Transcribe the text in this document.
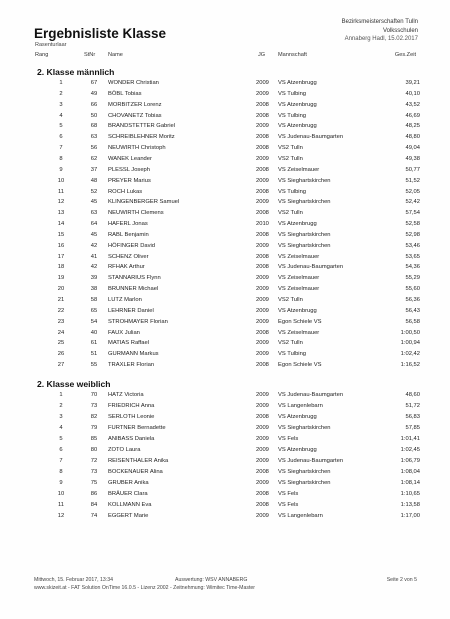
Ergebnisliste Klasse
Rasenturlaar
Bezirksmeisterschaften Tulln
Volksschulen
Annaberg Hadl, 15.02.2017
Rang	StNr Name	JG Mannschaft	Ges.Zeit
2. Klasse männlich
1	67	WONDER Christian	2009 VS Atzenbrugg	39,21
2	49	BÖBL Tobias	2009 VS Tulbing	40,10
3	66	MORBITZER Lorenz	2008 VS Atzenbrugg	43,52
4	50	CHOVANETZ Tobias	2008 VS Tulbing	46,69
5	68	BRANDSTETTER Gabriel	2009 VS Atzenbrugg	48,25
6	63	SCHREIBLEHNER Moritz	2008 VS Judenau-Baumgarten	48,80
7	56	NEUWIRTH Christoph	2008 VS2 Tulln	49,04
8	62	WANEK Leander	2009 VS2 Tulln	49,38
9	37	PLESSL Joseph	2008 VS Zeiselmauer	50,77
10	48	PREYER Marius	2009 VS Sieghartskirchen	51,52
11	52	ROCH Lukas	2008 VS Tulbing	52,05
12	45	KLINGENBERGER Samuel	2009 VS Sieghartskirchen	52,42
13	63	NEUWIRTH Clemens	2008 VS2 Tulln	57,54
14	64	HAFERL Jonas	2010 VS Atzenbrugg	52,58
15	45	RABL Benjamin	2008 VS Sieghartskirchen	52,98
16	42	HÖFINGER David	2009 VS Sieghartskirchen	53,46
17	41	SCHENZ Oliver	2008 VS Zeiselmauer	53,65
18	42	RFHAK Arthur	2008 VS Judenau-Baumgarten	54,36
19	39	STANNARIUS Flynn	2009 VS Zeiselmauer	55,29
20	38	BRUNNER Michael	2009 VS Zeiselmauer	55,60
21	58	LUTZ Marlon	2009 VS2 Tulln	56,36
22	65	LEHRNER Daniel	2009 VS Atzenbrugg	56,43
23	54	STROHMAYER Florian	2009 Egon Schiele VS	56,58
24	40	FAUX Julian	2008 VS Zeiselmauer	1:00,50
25	61	MATIAS Raffael	2009 VS2 Tulln	1:00,94
26	51	GURMANN Markus	2009 VS Tulbing	1:02,42
27	55	TRAXLER Florian	2008 Egon Schiele VS	1:16,52
2. Klasse weiblich
1	70	HATZ Victoria	2009 VS Judenau-Baumgarten	48,60
2	73	FRIEDRICH Anna	2009 VS Langenlebarn	51,72
3	82	SERLOTH Leonie	2008 VS Atzenbrugg	56,83
4	79	FURTNER Bernadette	2009 VS Sieghartskirchen	57,85
5	85	ANIBASS Daniela	2009 VS Fels	1:01,41
6	80	ZOTO Laura	2009 VS Atzenbrugg	1:02,45
7	72	REISENTHALER Anika	2009 VS Judenau-Baumgarten	1:06,79
8	73	BOCKENAUER Alina	2008 VS Sieghartskirchen	1:08,04
9	75	GRUBER Anika	2009 VS Sieghartskirchen	1:08,14
10	86	BRÄUER Clara	2008 VS Fels	1:10,65
11	84	KOLLMANN Eva	2008 VS Fels	1:13,58
12	74	EGGERT Marie	2009 VS Langenlebarn	1:17,00
Mittwoch, 15. Februar 2017, 13:34	Auswertung: WSV ANNABERG	Seite 2 von 5
www.skizeit.at - FAT Solution OnTime 16.0.5 - Lizenz 2002 - Zeitnehmung: Wimitec Time-Master
